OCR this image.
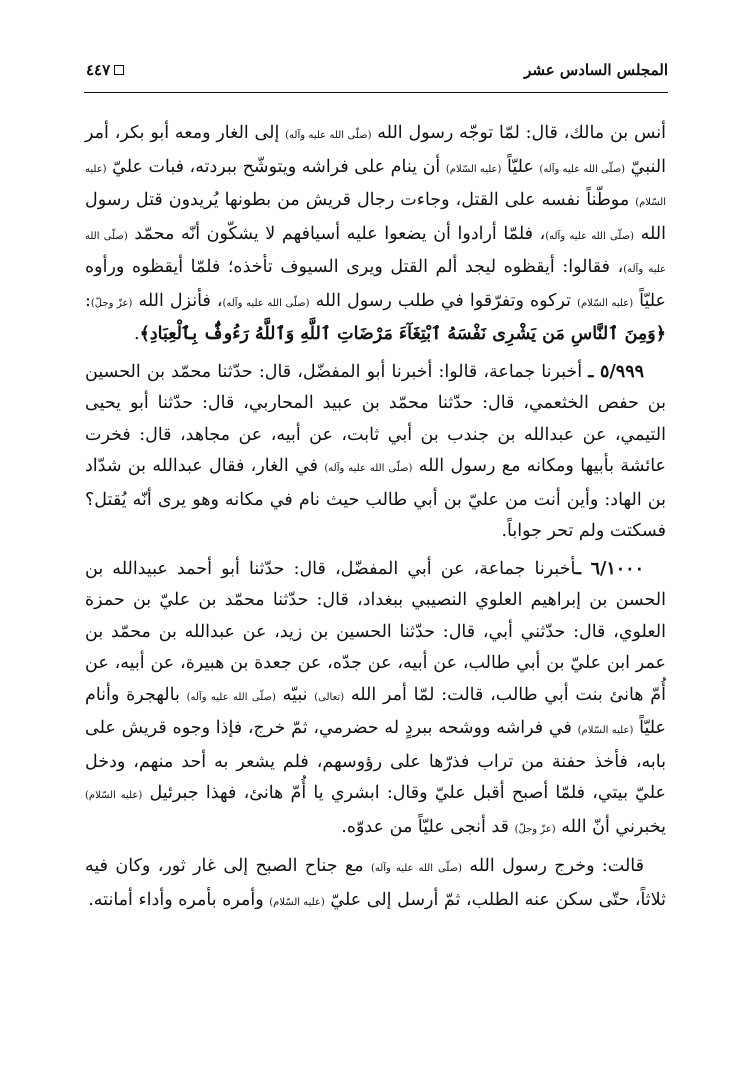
المجلس السادس عشر
٤٤٧

أنس بن مالك، قال: لمّا توجّه رسول الله (صلّى الله عليه وآله) إلى الغار ومعه أبو بكر، أمر النبيّ (صلّى الله عليه وآله) عليّاً (عليه السّلام) أن ينام على فراشه ويتوشّح ببردته، فبات عليّ (عليه السّلام) موطّناً نفسه على القتل، وجاءت رجال قريش من بطونها يُريدون قتل رسول الله (صلّى الله عليه وآله)، فلمّا أرادوا أن يضعوا عليه أسيافهم لا يشكّون أنّه محمّد (صلّى الله عليه وآله)، فقالوا: أيقظوه ليجد ألم القتل ويرى السيوف تأخذه؛ فلمّا أيقظوه ورأوه عليّاً (عليه السّلام) تركوه وتفرّقوا في طلب رسول الله (صلّى الله عليه وآله)، فأنزل الله (عزّ وجلّ): ﴿وَمِنَ ٱلنَّاسِ مَن يَشْرِى نَفْسَهُ ٱبْتِغَآءَ مَرْضَاتِ ٱللَّهِ وَٱللَّهُ رَءُوفٌۢ بِٱلْعِبَادِ﴾.

٥/٩٩٩ ـ أخبرنا جماعة، قالوا: أخبرنا أبو المفضّل، قال: حدّثنا محمّد بن الحسين بن حفص الخثعمي، قال: حدّثنا محمّد بن عبيد المحاربي، قال: حدّثنا أبو يحيى التيمي، عن عبدالله بن جندب بن أبي ثابت، عن أبيه، عن مجاهد، قال: فخرت عائشة بأبيها ومكانه مع رسول الله (صلّى الله عليه وآله) في الغار، فقال عبدالله بن شدّاد بن الهاد: وأين أنت من عليّ بن أبي طالب حيث نام في مكانه وهو يرى أنّه يُقتل؟ فسكتت ولم تحر جواباً.

٦/١٠٠٠ ـأخبرنا جماعة، عن أبي المفضّل، قال: حدّثنا أبو أحمد عبيدالله بن الحسن بن إبراهيم العلوي النصيبي ببغداد، قال: حدّثنا محمّد بن عليّ بن حمزة العلوي، قال: حدّثني أبي، قال: حدّثنا الحسين بن زيد، عن عبدالله بن محمّد بن عمر ابن عليّ بن أبي طالب، عن أبيه، عن جدّه، عن جعدة بن هبيرة، عن أبيه، عن أُمّ هانئ بنت أبي طالب، قالت: لمّا أمر الله (تعالى) نبيّه (صلّى الله عليه وآله) بالهجرة وأنام عليّاً (عليه السّلام) في فراشه ووشحه ببردٍ له حضرمي، ثمّ خرج، فإذا وجوه قريش على بابه، فأخذ حفنة من تراب فذرّها على رؤوسهم، فلم يشعر به أحد منهم، ودخل عليّ بيتي، فلمّا أصبح أقبل عليّ وقال: ابشري يا أُمّ هانئ، فهذا جبرئيل (عليه السّلام) يخبرني أنّ الله (عزّ وجلّ) قد أنجى عليّاً من عدوّه.

قالت: وخرج رسول الله (صلّى الله عليه وآله) مع جناح الصبح إلى غار ثور، وكان فيه ثلاثاً، حتّى سكن عنه الطلب، ثمّ أرسل إلى عليّ (عليه السّلام) وأمره بأمره وأداء أمانته.
